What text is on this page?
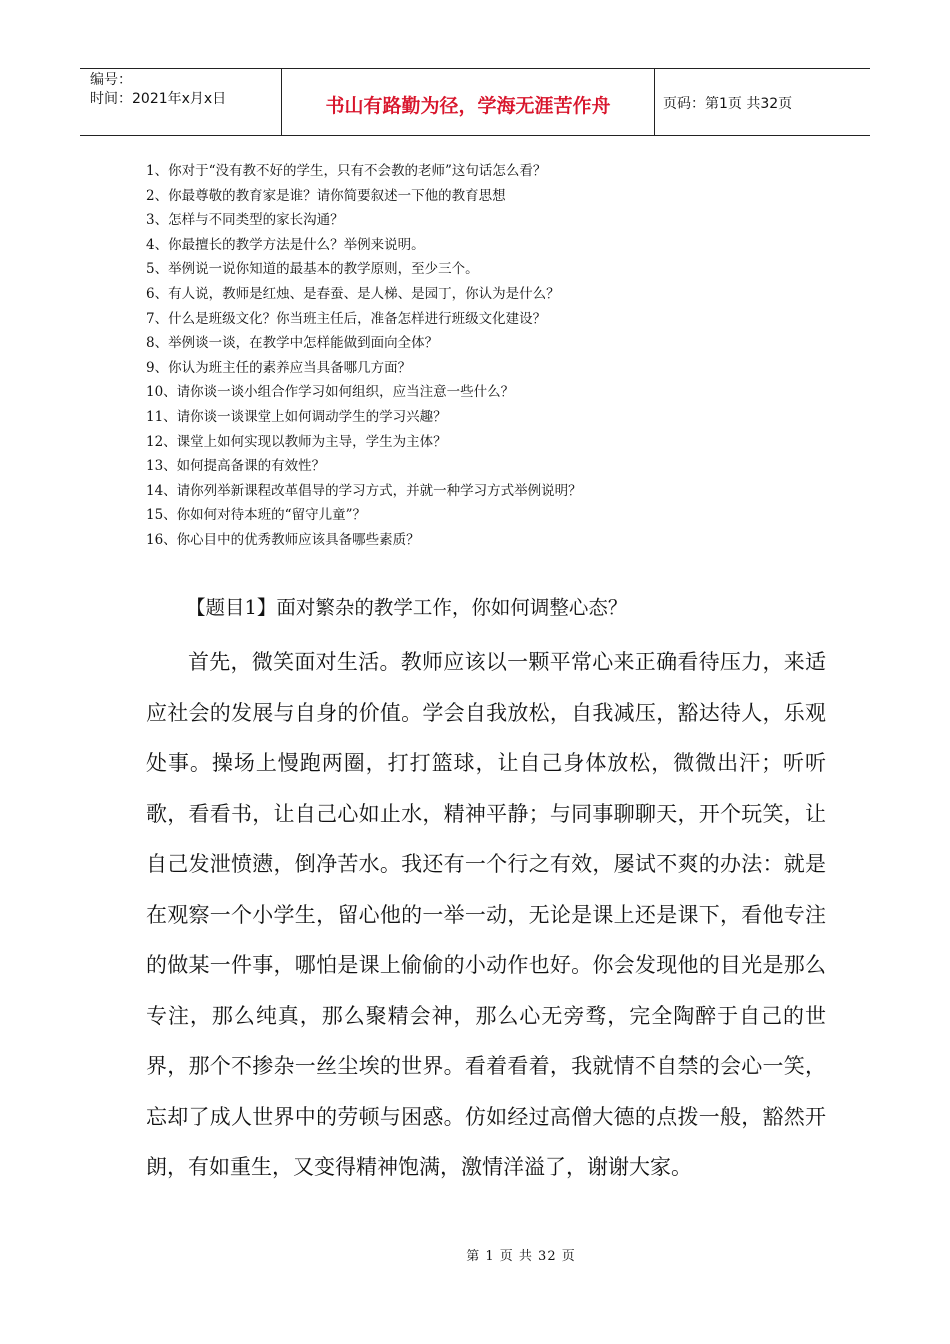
编号：
时间：2021年x月x日	书山有路勤为径，学海无涯苦作舟	页码：第1页 共32页
1、你对于“没有教不好的学生，只有不会教的老师”这句话怎么看？
2、你最尊敬的教育家是谁？请你简要叙述一下他的教育思想
3、怎样与不同类型的家长沟通？
4、你最擅长的教学方法是什么？举例来说明。
5、举例说一说你知道的最基本的教学原则，至少三个。
6、有人说，教师是红烛、是春蚕、是人梯、是园丁，你认为是什么？
7、什么是班级文化？你当班主任后，准备怎样进行班级文化建设？
8、举例谈一谈，在教学中怎样能做到面向全体？
9、你认为班主任的素养应当具备哪几方面？
10、请你谈一谈小组合作学习如何组织，应当注意一些什么？
11、请你谈一谈课堂上如何调动学生的学习兴趣？
12、课堂上如何实现以教师为主导，学生为主体？
13、如何提高备课的有效性？
14、请你列举新课程改革倡导的学习方式，并就一种学习方式举例说明？
15、你如何对待本班的“留守儿童”？
16、你心目中的优秀教师应该具备哪些素质？
【题目1】面对繁杂的教学工作，你如何调整心态？

首先，微笑面对生活。教师应该以一颗平常心来正确看待压力，来适应社会的发展与自身的价值。学会自我放松，自我减压，豁达待人，乐观处事。操场上慢跑两圈，打打篮球，让自己身体放松，微微出汗；听听歌，看看书，让自己心如止水，精神平静；与同事聊聊天，开个玩笑，让自己发泄愤懑，倒净苦水。我还有一个行之有效，屡试不爽的办法：就是在观察一个小学生，留心他的一举一动，无论是课上还是课下，看他专注的做某一件事，哪怕是课上偷偷的小动作也好。你会发现他的目光是那么专注，那么纯真，那么聚精会神，那么心无旁骛，完全陶醉于自己的世界，那个不掺杂一丝尘埃的世界。看着看着，我就情不自禁的会心一笑，忘却了成人世界中的劳顿与困惑。仿如经过高僧大德的点拨一般，豁然开朗，有如重生，又变得精神饱满，激情洋溢了，谢谢大家。

第 1 页 共 32 页
